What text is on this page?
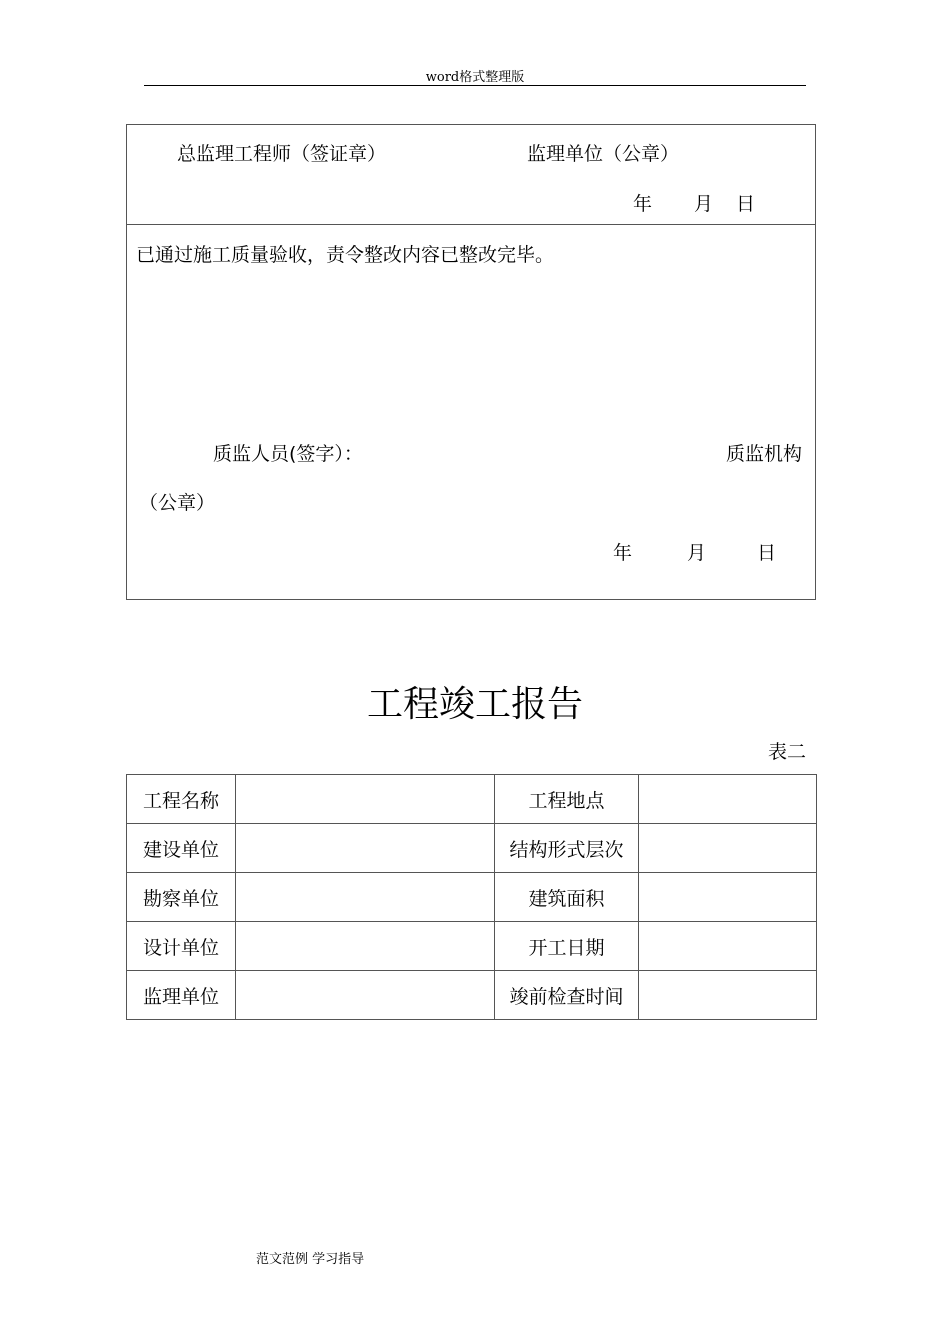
word格式整理版
总监理工程师（签证章）	监理单位（公章）
年 月 日
已通过施工质量验收，责令整改内容已整改完毕。
质监人员(签字）：	质监机构
（公章）
年	月	日
工程竣工报告
表二
工程名称		工程地点	
建设单位		结构形式层次	
勘察单位		建筑面积	
设计单位		开工日期	
监理单位		竣前检查时间	
范文范例 学习指导
